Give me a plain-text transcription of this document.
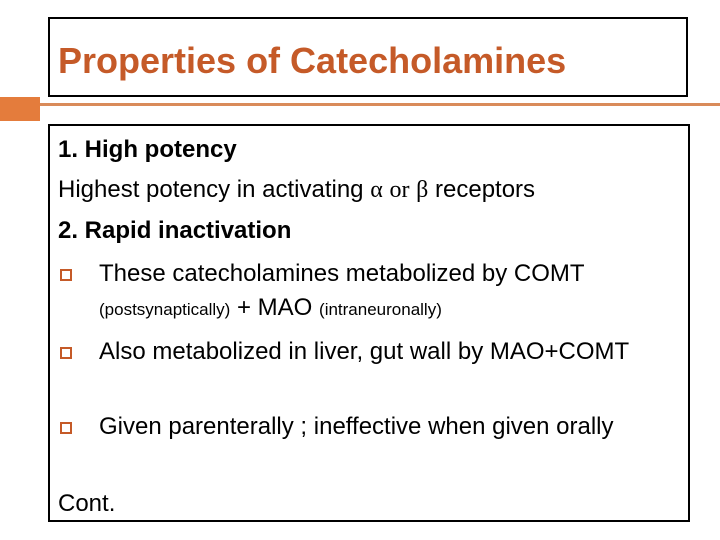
Properties of Catecholamines
1. High potency
Highest potency in activating α or β receptors
2. Rapid inactivation
These catecholamines metabolized by COMT
(postsynaptically) + MAO (intraneuronally)
Also metabolized in liver, gut wall by MAO+COMT
Given parenterally ; ineffective when given orally
Cont.
